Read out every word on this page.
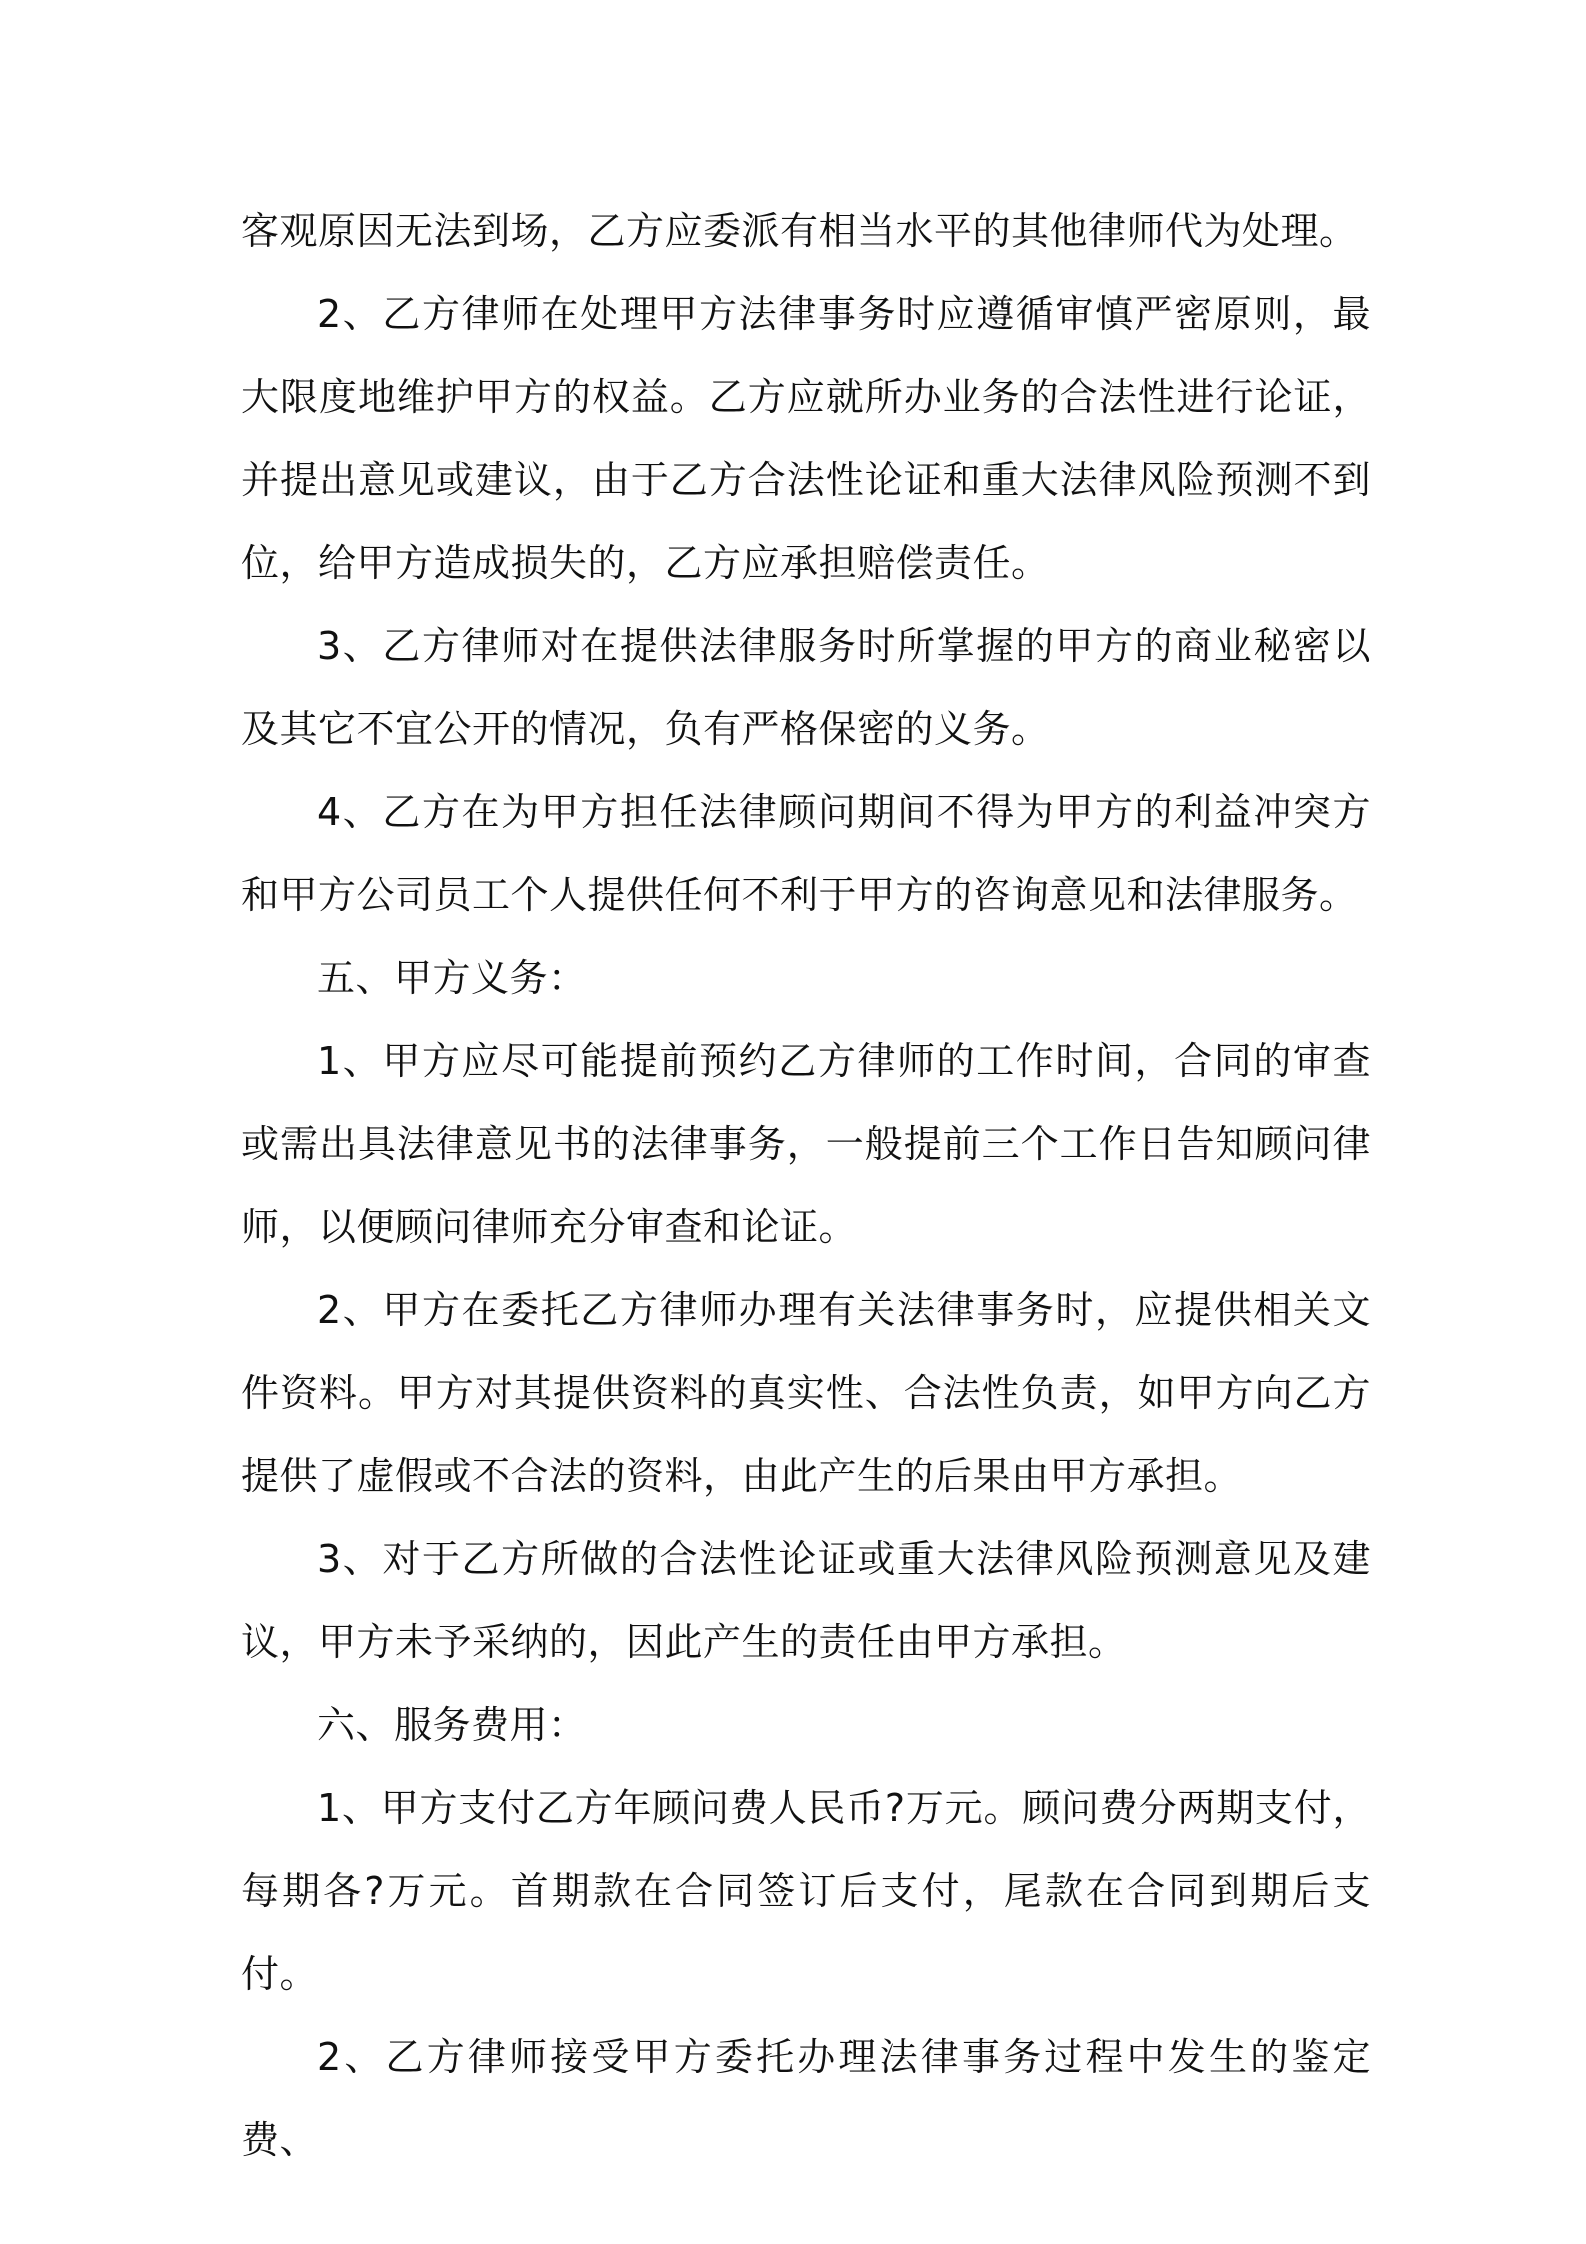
客观原因无法到场，乙方应委派有相当水平的其他律师代为处理。

2、乙方律师在处理甲方法律事务时应遵循审慎严密原则，最大限度地维护甲方的权益。乙方应就所办业务的合法性进行论证，并提出意见或建议，由于乙方合法性论证和重大法律风险预测不到位，给甲方造成损失的，乙方应承担赔偿责任。

3、乙方律师对在提供法律服务时所掌握的甲方的商业秘密以及其它不宜公开的情况，负有严格保密的义务。

4、乙方在为甲方担任法律顾问期间不得为甲方的利益冲突方和甲方公司员工个人提供任何不利于甲方的咨询意见和法律服务。

五、甲方义务：

1、甲方应尽可能提前预约乙方律师的工作时间，合同的审查或需出具法律意见书的法律事务，一般提前三个工作日告知顾问律师，以便顾问律师充分审查和论证。

2、甲方在委托乙方律师办理有关法律事务时，应提供相关文件资料。甲方对其提供资料的真实性、合法性负责，如甲方向乙方提供了虚假或不合法的资料，由此产生的后果由甲方承担。

3、对于乙方所做的合法性论证或重大法律风险预测意见及建议，甲方未予采纳的，因此产生的责任由甲方承担。

六、服务费用：

1、甲方支付乙方年顾问费人民币?万元。顾问费分两期支付，每期各?万元。首期款在合同签订后支付，尾款在合同到期后支付。

2、乙方律师接受甲方委托办理法律事务过程中发生的鉴定费、
